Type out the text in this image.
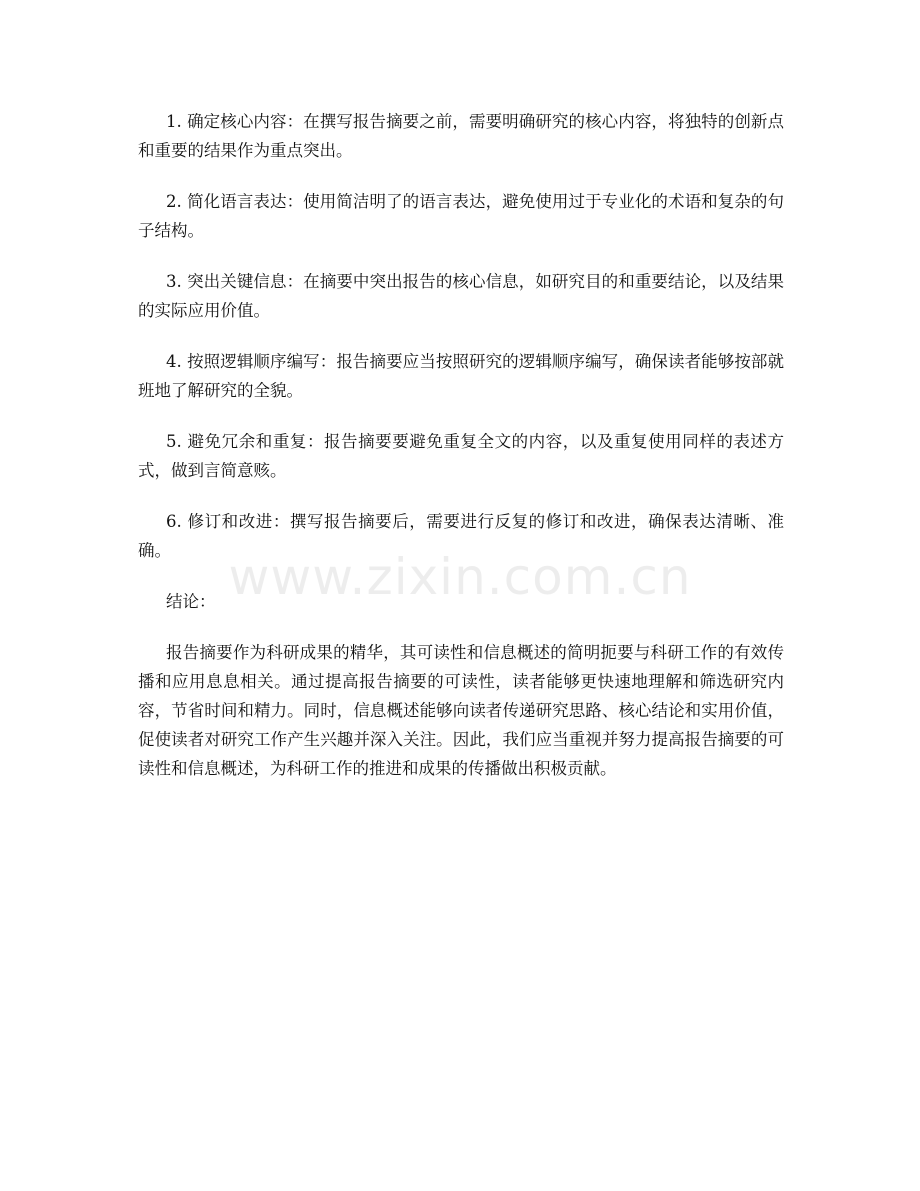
1. 确定核心内容：在撰写报告摘要之前，需要明确研究的核心内容，将独特的创新点和重要的结果作为重点突出。

2. 简化语言表达：使用简洁明了的语言表达，避免使用过于专业化的术语和复杂的句子结构。

3. 突出关键信息：在摘要中突出报告的核心信息，如研究目的和重要结论，以及结果的实际应用价值。

4. 按照逻辑顺序编写：报告摘要应当按照研究的逻辑顺序编写，确保读者能够按部就班地了解研究的全貌。

5. 避免冗余和重复：报告摘要要避免重复全文的内容，以及重复使用同样的表述方式，做到言简意赅。

6. 修订和改进：撰写报告摘要后，需要进行反复的修订和改进，确保表达清晰、准确。

结论：

报告摘要作为科研成果的精华，其可读性和信息概述的简明扼要与科研工作的有效传播和应用息息相关。通过提高报告摘要的可读性，读者能够更快速地理解和筛选研究内容，节省时间和精力。同时，信息概述能够向读者传递研究思路、核心结论和实用价值，促使读者对研究工作产生兴趣并深入关注。因此，我们应当重视并努力提高报告摘要的可读性和信息概述，为科研工作的推进和成果的传播做出积极贡献。

www.zixin.com.cn
